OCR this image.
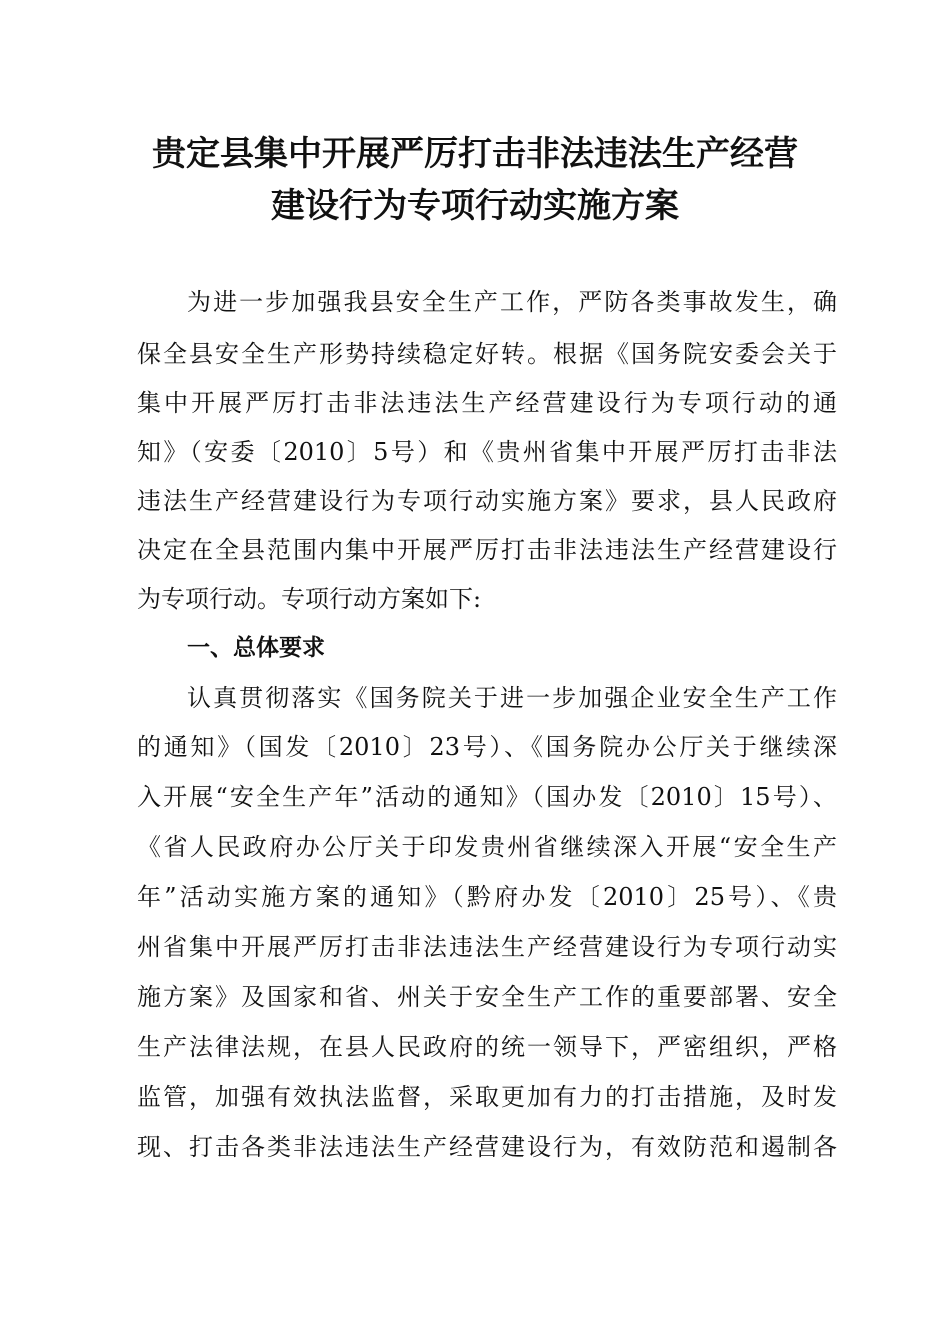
贵定县集中开展严厉打击非法违法生产经营
建设行为专项行动实施方案

为进一步加强我县安全生产工作，严防各类事故发生，确

保全县安全生产形势持续稳定好转。根据《国务院安委会关于

集中开展严厉打击非法违法生产经营建设行为专项行动的通

知》（安委〔2010〕5号）和《贵州省集中开展严厉打击非法

违法生产经营建设行为专项行动实施方案》要求，县人民政府

决定在全县范围内集中开展严厉打击非法违法生产经营建设行

为专项行动。专项行动方案如下:

一、总体要求

认真贯彻落实《国务院关于进一步加强企业安全生产工作

的通知》（国发〔2010〕23号）、《国务院办公厅关于继续深

入开展“安全生产年”活动的通知》（国办发〔2010〕15号）、

《省人民政府办公厅关于印发贵州省继续深入开展“安全生产

年”活动实施方案的通知》（黔府办发〔2010〕25号）、《贵

州省集中开展严厉打击非法违法生产经营建设行为专项行动实

施方案》及国家和省、州关于安全生产工作的重要部署、安全

生产法律法规，在县人民政府的统一领导下，严密组织，严格

监管，加强有效执法监督，采取更加有力的打击措施，及时发

现、打击各类非法违法生产经营建设行为，有效防范和遏制各
